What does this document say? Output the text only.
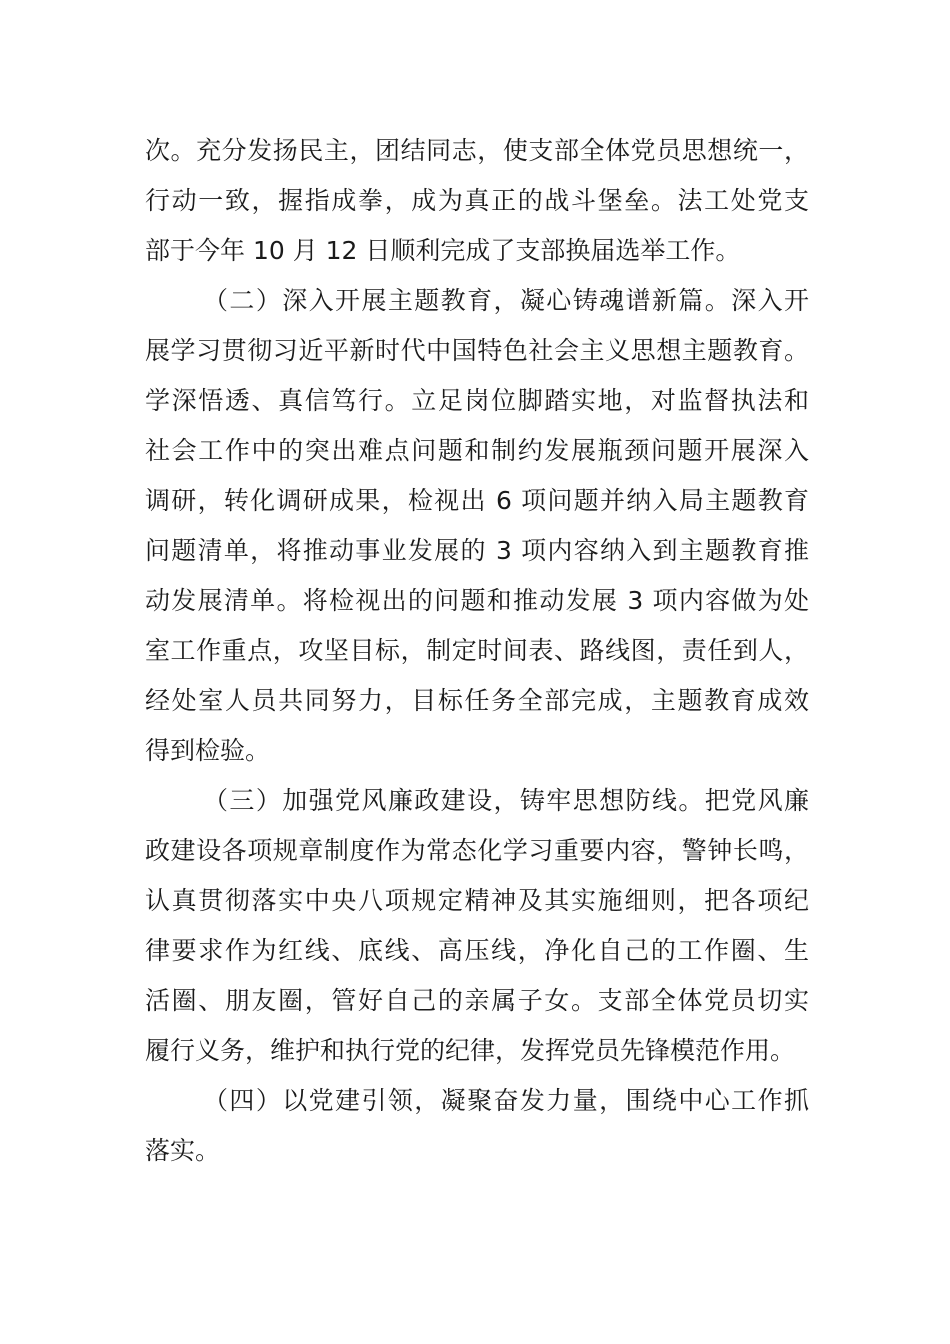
次。充分发扬民主，团结同志，使支部全体党员思想统一，
行动一致，握指成拳，成为真正的战斗堡垒。法工处党支
部于今年 10 月 12 日顺利完成了支部换届选举工作。
（二）深入开展主题教育，凝心铸魂谱新篇。深入开
展学习贯彻习近平新时代中国特色社会主义思想主题教育。
学深悟透、真信笃行。立足岗位脚踏实地，对监督执法和
社会工作中的突出难点问题和制约发展瓶颈问题开展深入
调研，转化调研成果，检视出 6 项问题并纳入局主题教育
问题清单，将推动事业发展的 3 项内容纳入到主题教育推
动发展清单。将检视出的问题和推动发展 3 项内容做为处
室工作重点，攻坚目标，制定时间表、路线图，责任到人，
经处室人员共同努力，目标任务全部完成，主题教育成效
得到检验。
（三）加强党风廉政建设，铸牢思想防线。把党风廉
政建设各项规章制度作为常态化学习重要内容，警钟长鸣，
认真贯彻落实中央八项规定精神及其实施细则，把各项纪
律要求作为红线、底线、高压线，净化自己的工作圈、生
活圈、朋友圈，管好自己的亲属子女。支部全体党员切实
履行义务，维护和执行党的纪律，发挥党员先锋模范作用。
（四）以党建引领，凝聚奋发力量，围绕中心工作抓
落实。
